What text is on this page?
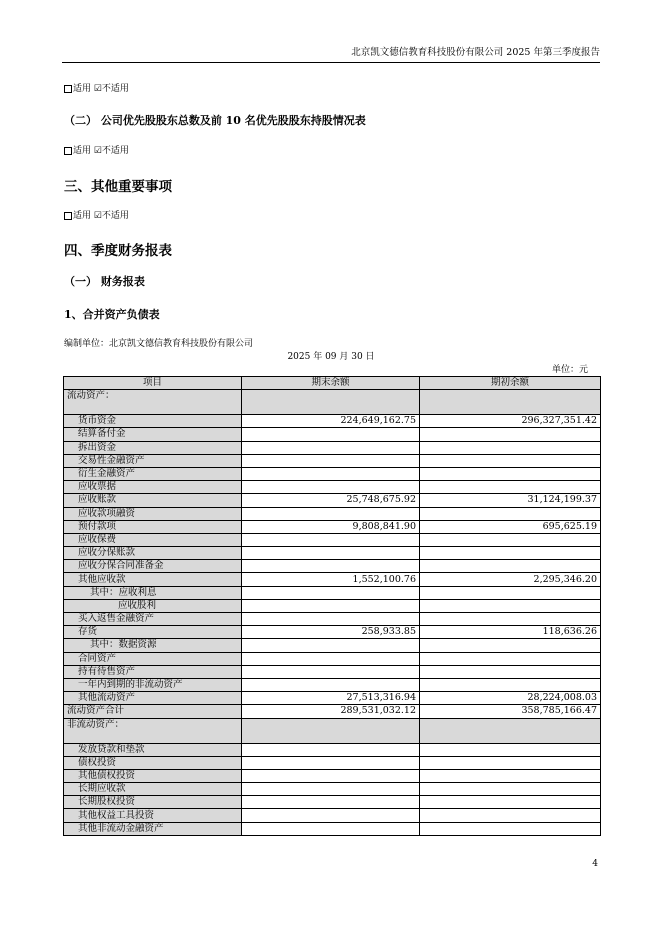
北京凯文德信教育科技股份有限公司 2025 年第三季度报告
适用 ☑不适用
（二） 公司优先股股东总数及前 10 名优先股股东持股情况表
适用 ☑不适用
三、其他重要事项
适用 ☑不适用
四、季度财务报表
（一） 财务报表
1、合并资产负债表
编制单位：北京凯文德信教育科技股份有限公司
2025 年 09 月 30 日
单位：元
项目	期末余额	期初余额
流动资产：		
货币资金	224,649,162.75	296,327,351.42
结算备付金		
拆出资金		
交易性金融资产		
衍生金融资产		
应收票据		
应收账款	25,748,675.92	31,124,199.37
应收款项融资		
预付款项	9,808,841.90	695,625.19
应收保费		
应收分保账款		
应收分保合同准备金		
其他应收款	1,552,100.76	2,295,346.20
其中：应收利息		
应收股利		
买入返售金融资产		
存货	258,933.85	118,636.26
其中：数据资源		
合同资产		
持有待售资产		
一年内到期的非流动资产		
其他流动资产	27,513,316.94	28,224,008.03
流动资产合计	289,531,032.12	358,785,166.47
非流动资产：		
发放贷款和垫款		
债权投资		
其他债权投资		
长期应收款		
长期股权投资		
其他权益工具投资		
其他非流动金融资产		
4
